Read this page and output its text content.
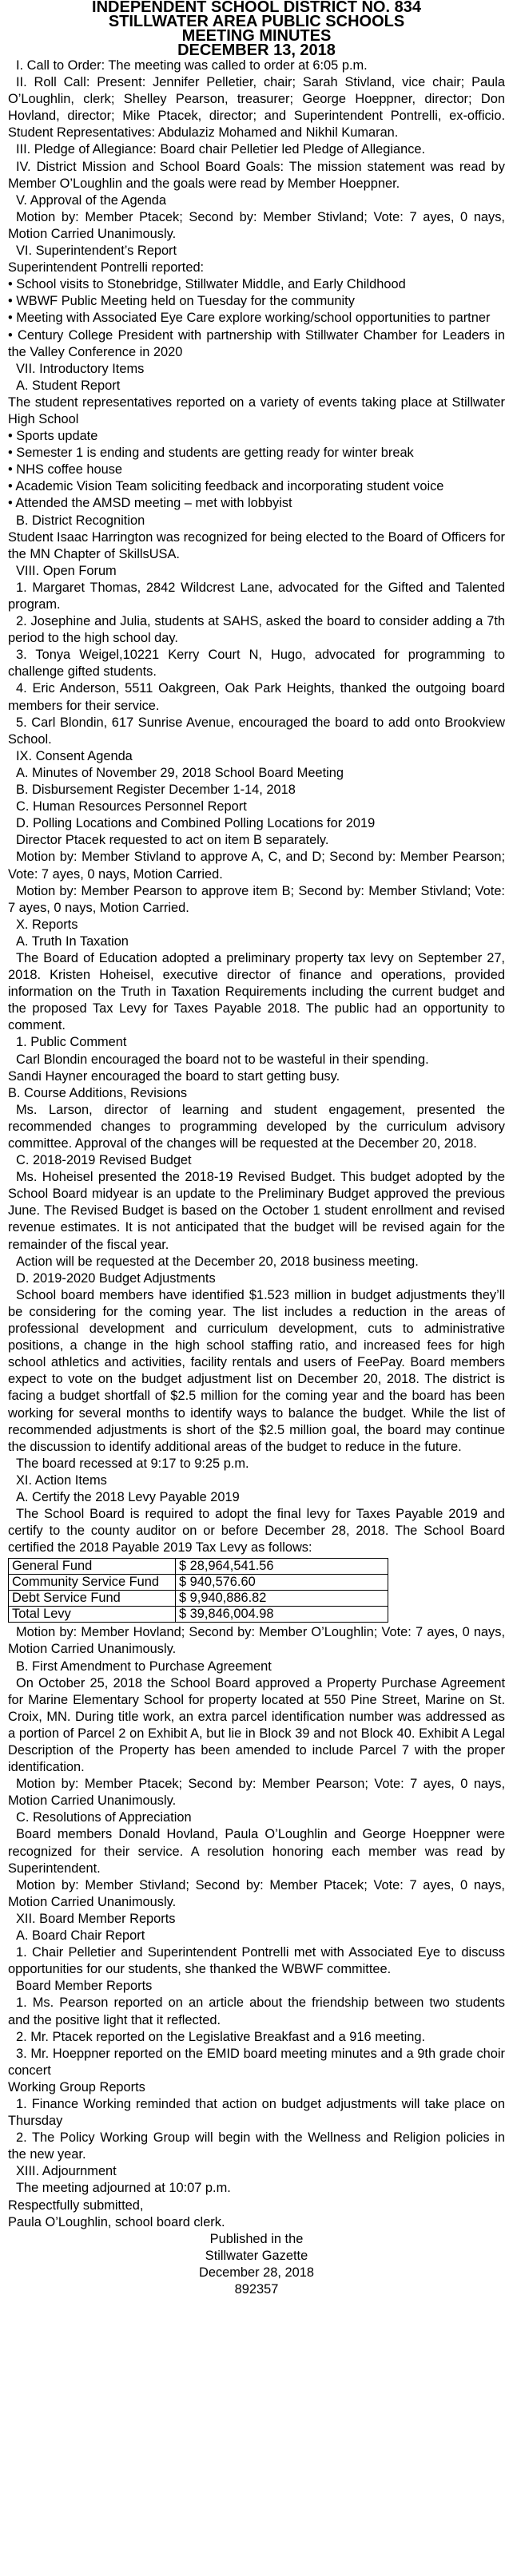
INDEPENDENT SCHOOL DISTRICT NO. 834
STILLWATER AREA PUBLIC SCHOOLS
MEETING MINUTES
DECEMBER 13, 2018

I. Call to Order: The meeting was called to order at 6:05 p.m.

II. Roll Call: Present: Jennifer Pelletier, chair; Sarah Stivland, vice chair; Paula O’Loughlin, clerk; Shelley Pearson, treasurer; George Hoeppner, director; Don Hovland, director; Mike Ptacek, director; and Superintendent Pontrelli, ex-officio. Student Representatives: Abdulaziz Mohamed and Nikhil Kumaran.

III. Pledge of Allegiance: Board chair Pelletier led Pledge of Allegiance.

IV. District Mission and School Board Goals: The mission statement was read by Member O’Loughlin and the goals were read by Member Hoeppner.

V. Approval of the Agenda

Motion by: Member Ptacek; Second by: Member Stivland; Vote: 7 ayes, 0 nays, Motion Carried Unanimously.

VI. Superintendent’s Report

Superintendent Pontrelli reported:

• School visits to Stonebridge, Stillwater Middle, and Early Childhood

• WBWF Public Meeting held on Tuesday for the community

• Meeting with Associated Eye Care explore working/school opportunities to partner

• Century College President with partnership with Stillwater Chamber for Leaders in the Valley Conference in 2020

VII. Introductory Items

A. Student Report

The student representatives reported on a variety of events taking place at Stillwater High School

• Sports update

• Semester 1 is ending and students are getting ready for winter break

• NHS coffee house

• Academic Vision Team soliciting feedback and incorporating student voice

• Attended the AMSD meeting – met with lobbyist

B. District Recognition

Student Isaac Harrington was recognized for being elected to the Board of Officers for the MN Chapter of SkillsUSA.

VIII. Open Forum

1. Margaret Thomas, 2842 Wildcrest Lane, advocated for the Gifted and Talented program.

2. Josephine and Julia, students at SAHS, asked the board to consider adding a 7th period to the high school day.

3. Tonya Weigel,10221 Kerry Court N, Hugo, advocated for programming to challenge gifted students.

4. Eric Anderson, 5511 Oakgreen, Oak Park Heights, thanked the outgoing board members for their service.

5. Carl Blondin, 617 Sunrise Avenue, encouraged the board to add onto Brookview School.

IX. Consent Agenda

A. Minutes of November 29, 2018 School Board Meeting

B. Disbursement Register December 1-14, 2018

C. Human Resources Personnel Report

D. Polling Locations and Combined Polling Locations for 2019

Director Ptacek requested to act on item B separately.

Motion by: Member Stivland to approve A, C, and D; Second by: Member Pearson; Vote: 7 ayes, 0 nays, Motion Carried.

Motion by: Member Pearson to approve item B; Second by: Member Stivland; Vote: 7 ayes, 0 nays, Motion Carried.

X. Reports

A. Truth In Taxation

The Board of Education adopted a preliminary property tax levy on September 27, 2018. Kristen Hoheisel, executive director of finance and operations, provided information on the Truth in Taxation Requirements including the current budget and the proposed Tax Levy for Taxes Payable 2018. The public had an opportunity to comment.

1. Public Comment

Carl Blondin encouraged the board not to be wasteful in their spending.

Sandi Hayner encouraged the board to start getting busy.

B. Course Additions, Revisions

Ms. Larson, director of learning and student engagement, presented the recommended changes to programming developed by the curriculum advisory committee. Approval of the changes will be requested at the December 20, 2018.

C. 2018-2019 Revised Budget

Ms. Hoheisel presented the 2018-19 Revised Budget. This budget adopted by the School Board midyear is an update to the Preliminary Budget approved the previous June. The Revised Budget is based on the October 1 student enrollment and revised revenue estimates. It is not anticipated that the budget will be revised again for the remainder of the fiscal year.

Action will be requested at the December 20, 2018 business meeting.

D. 2019-2020 Budget Adjustments

School board members have identified $1.523 million in budget adjustments they’ll be considering for the coming year. The list includes a reduction in the areas of professional development and curriculum development, cuts to administrative positions, a change in the high school staffing ratio, and increased fees for high school athletics and activities, facility rentals and users of FeePay. Board members expect to vote on the budget adjustment list on December 20, 2018. The district is facing a budget shortfall of $2.5 million for the coming year and the board has been working for several months to identify ways to balance the budget. While the list of recommended adjustments is short of the $2.5 million goal, the board may continue the discussion to identify additional areas of the budget to reduce in the future.

The board recessed at 9:17 to 9:25 p.m.

XI. Action Items

A. Certify the 2018 Levy Payable 2019

The School Board is required to adopt the final levy for Taxes Payable 2019 and certify to the county auditor on or before December 28, 2018. The School Board certified the 2018 Payable 2019 Tax Levy as follows:

General Fund	$ 28,964,541.56
Community Service Fund	$ 940,576.60
Debt Service Fund	$ 9,940,886.82
Total Levy	$ 39,846,004.98

Motion by: Member Hovland; Second by: Member O’Loughlin; Vote: 7 ayes, 0 nays, Motion Carried Unanimously.

B. First Amendment to Purchase Agreement

On October 25, 2018 the School Board approved a Property Purchase Agreement for Marine Elementary School for property located at 550 Pine Street, Marine on St. Croix, MN. During title work, an extra parcel identification number was addressed as a portion of Parcel 2 on Exhibit A, but lie in Block 39 and not Block 40. Exhibit A Legal Description of the Property has been amended to include Parcel 7 with the proper identification.

Motion by: Member Ptacek; Second by: Member Pearson; Vote: 7 ayes, 0 nays, Motion Carried Unanimously.

C. Resolutions of Appreciation

Board members Donald Hovland, Paula O’Loughlin and George Hoeppner were recognized for their service. A resolution honoring each member was read by Superintendent.

Motion by: Member Stivland; Second by: Member Ptacek; Vote: 7 ayes, 0 nays, Motion Carried Unanimously.

XII. Board Member Reports

A. Board Chair Report

1. Chair Pelletier and Superintendent Pontrelli met with Associated Eye to discuss opportunities for our students, she thanked the WBWF committee.

Board Member Reports

1. Ms. Pearson reported on an article about the friendship between two students and the positive light that it reflected.

2. Mr. Ptacek reported on the Legislative Breakfast and a 916 meeting.

3. Mr. Hoeppner reported on the EMID board meeting minutes and a 9th grade choir concert

Working Group Reports

1. Finance Working reminded that action on budget adjustments will take place on Thursday

2. The Policy Working Group will begin with the Wellness and Religion policies in the new year.

XIII. Adjournment

The meeting adjourned at 10:07 p.m.

Respectfully submitted,

Paula O’Loughlin, school board clerk.

Published in the
Stillwater Gazette
December 28, 2018
892357
